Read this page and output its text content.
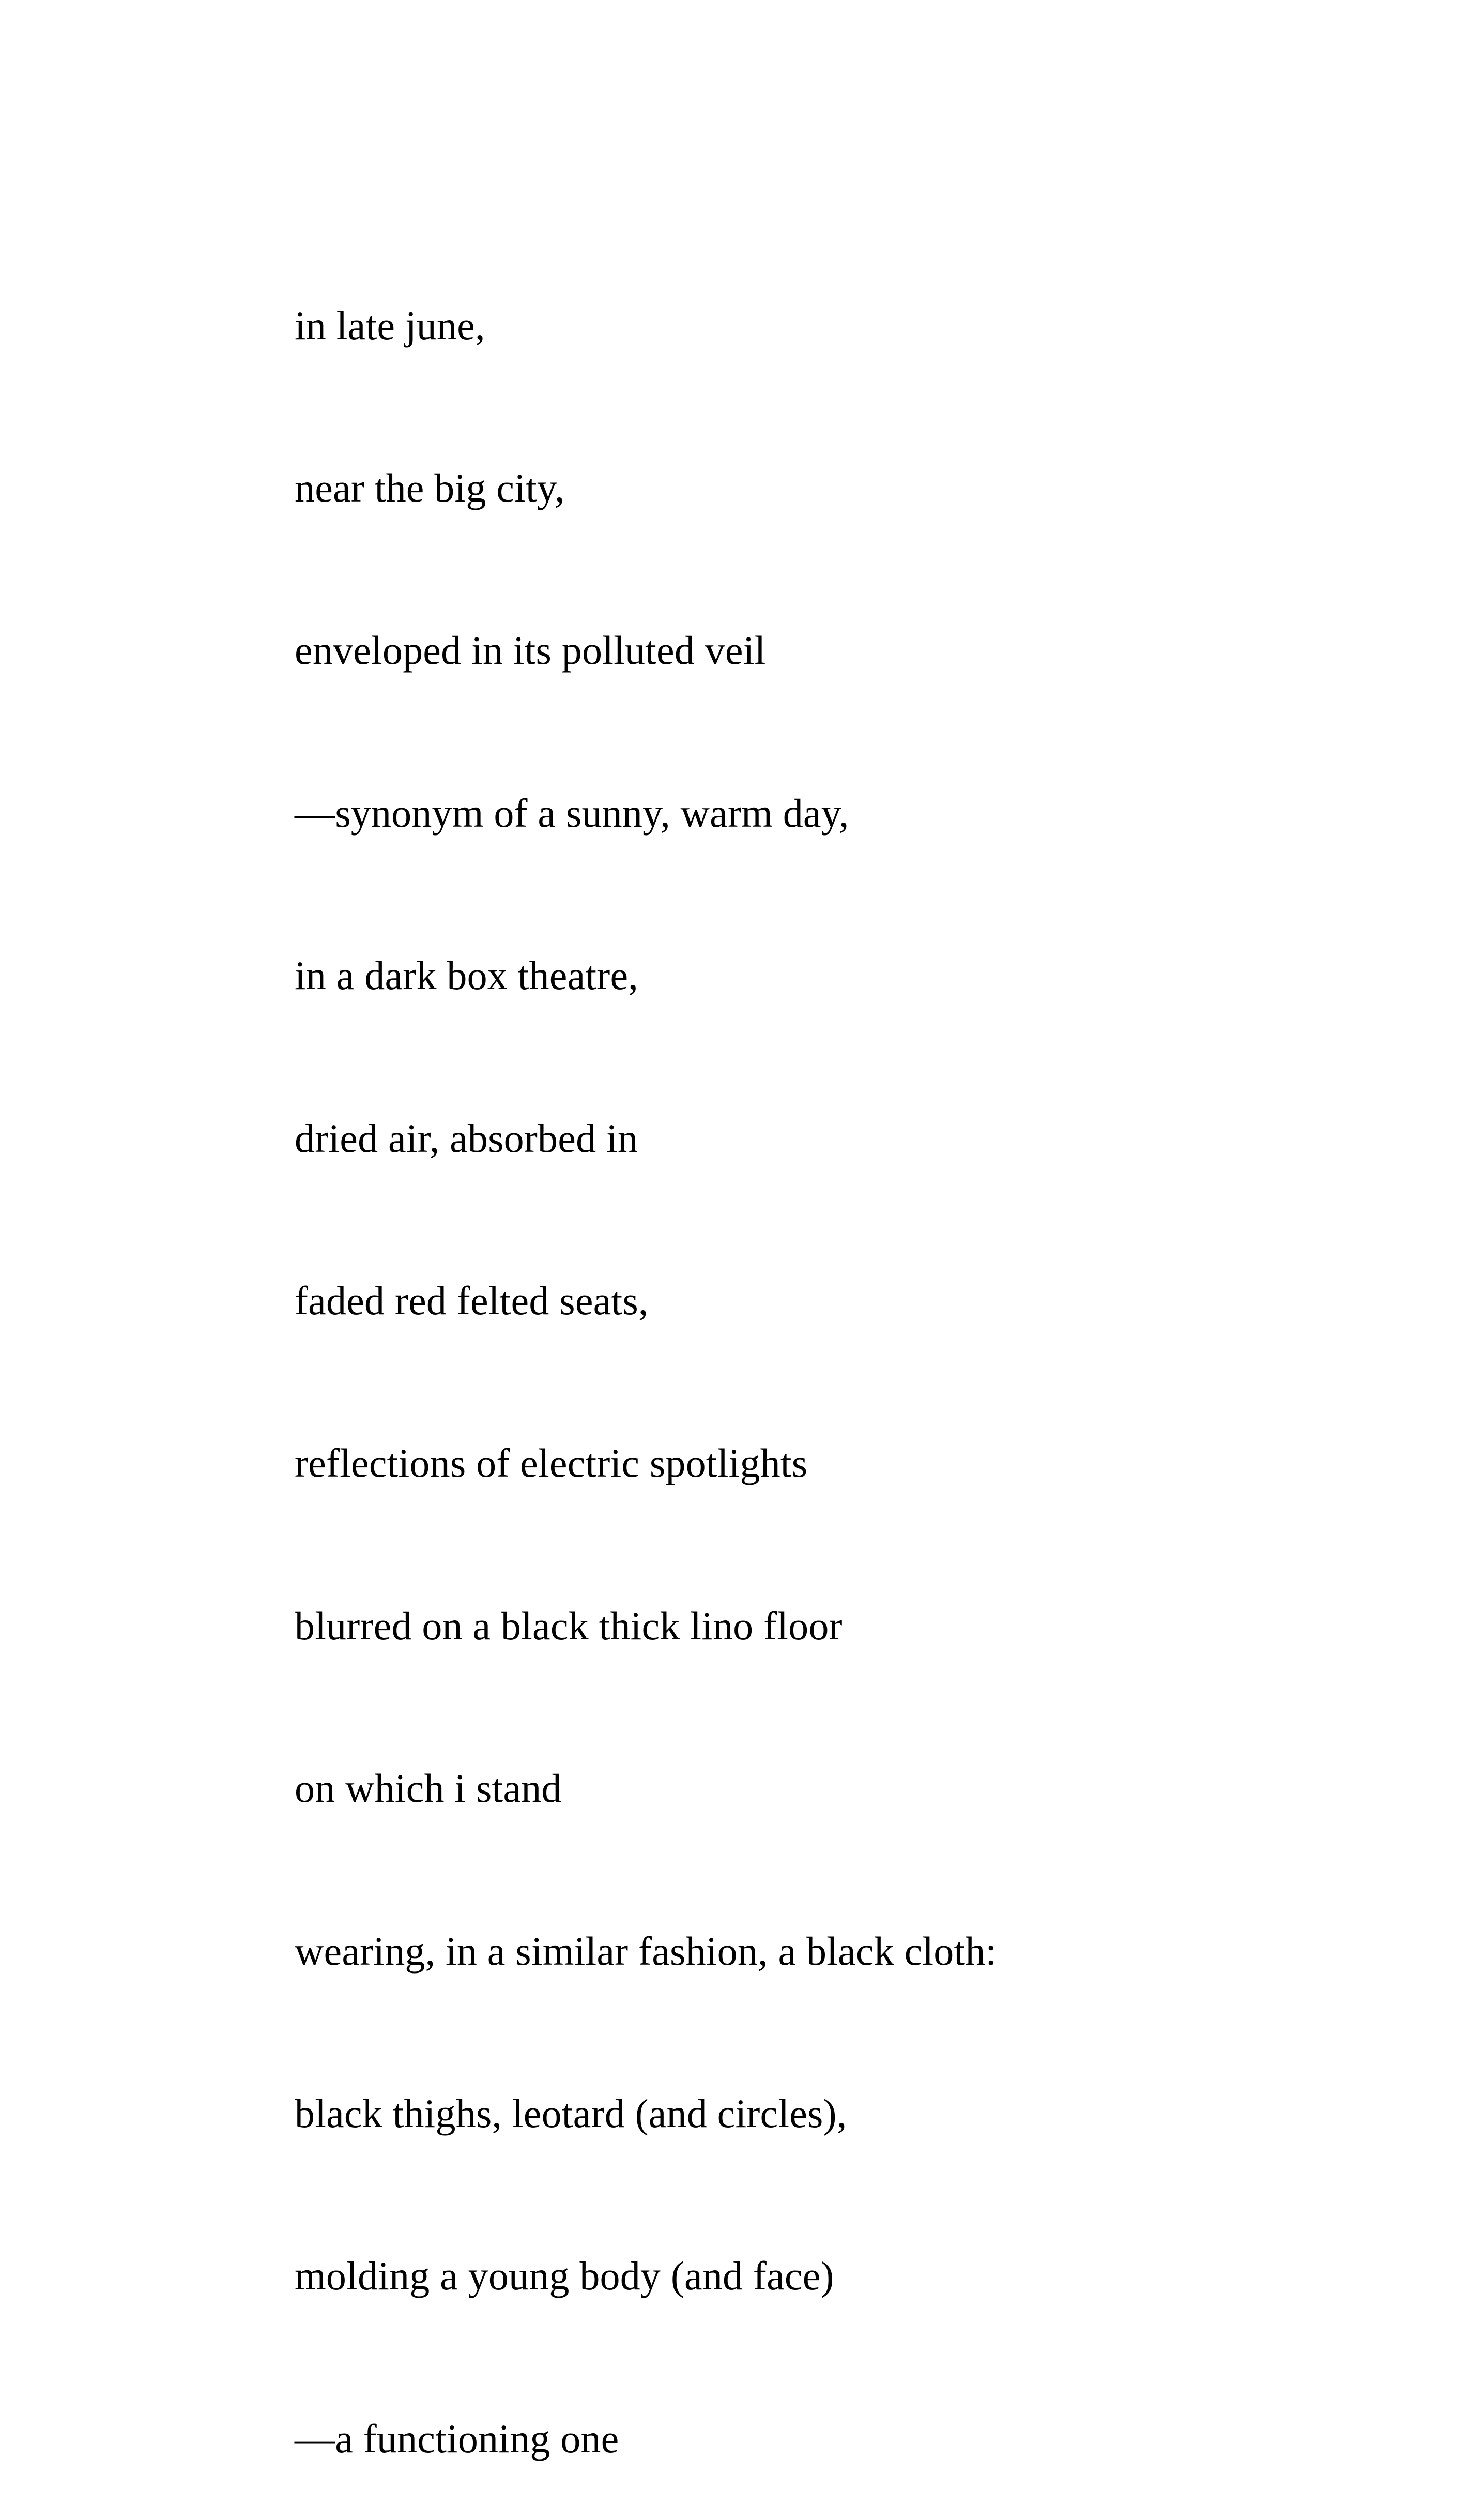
in late june,

near the big city,

enveloped in its polluted veil

—synonym of a sunny, warm day,

in a dark box theatre,

dried air, absorbed in

faded red felted seats,

reflections of electric spotlights

blurred on a black thick lino floor

on which i stand

wearing, in a similar fashion, a black cloth:

black thighs, leotard (and circles),

molding a young body (and face)

—a functioning one
